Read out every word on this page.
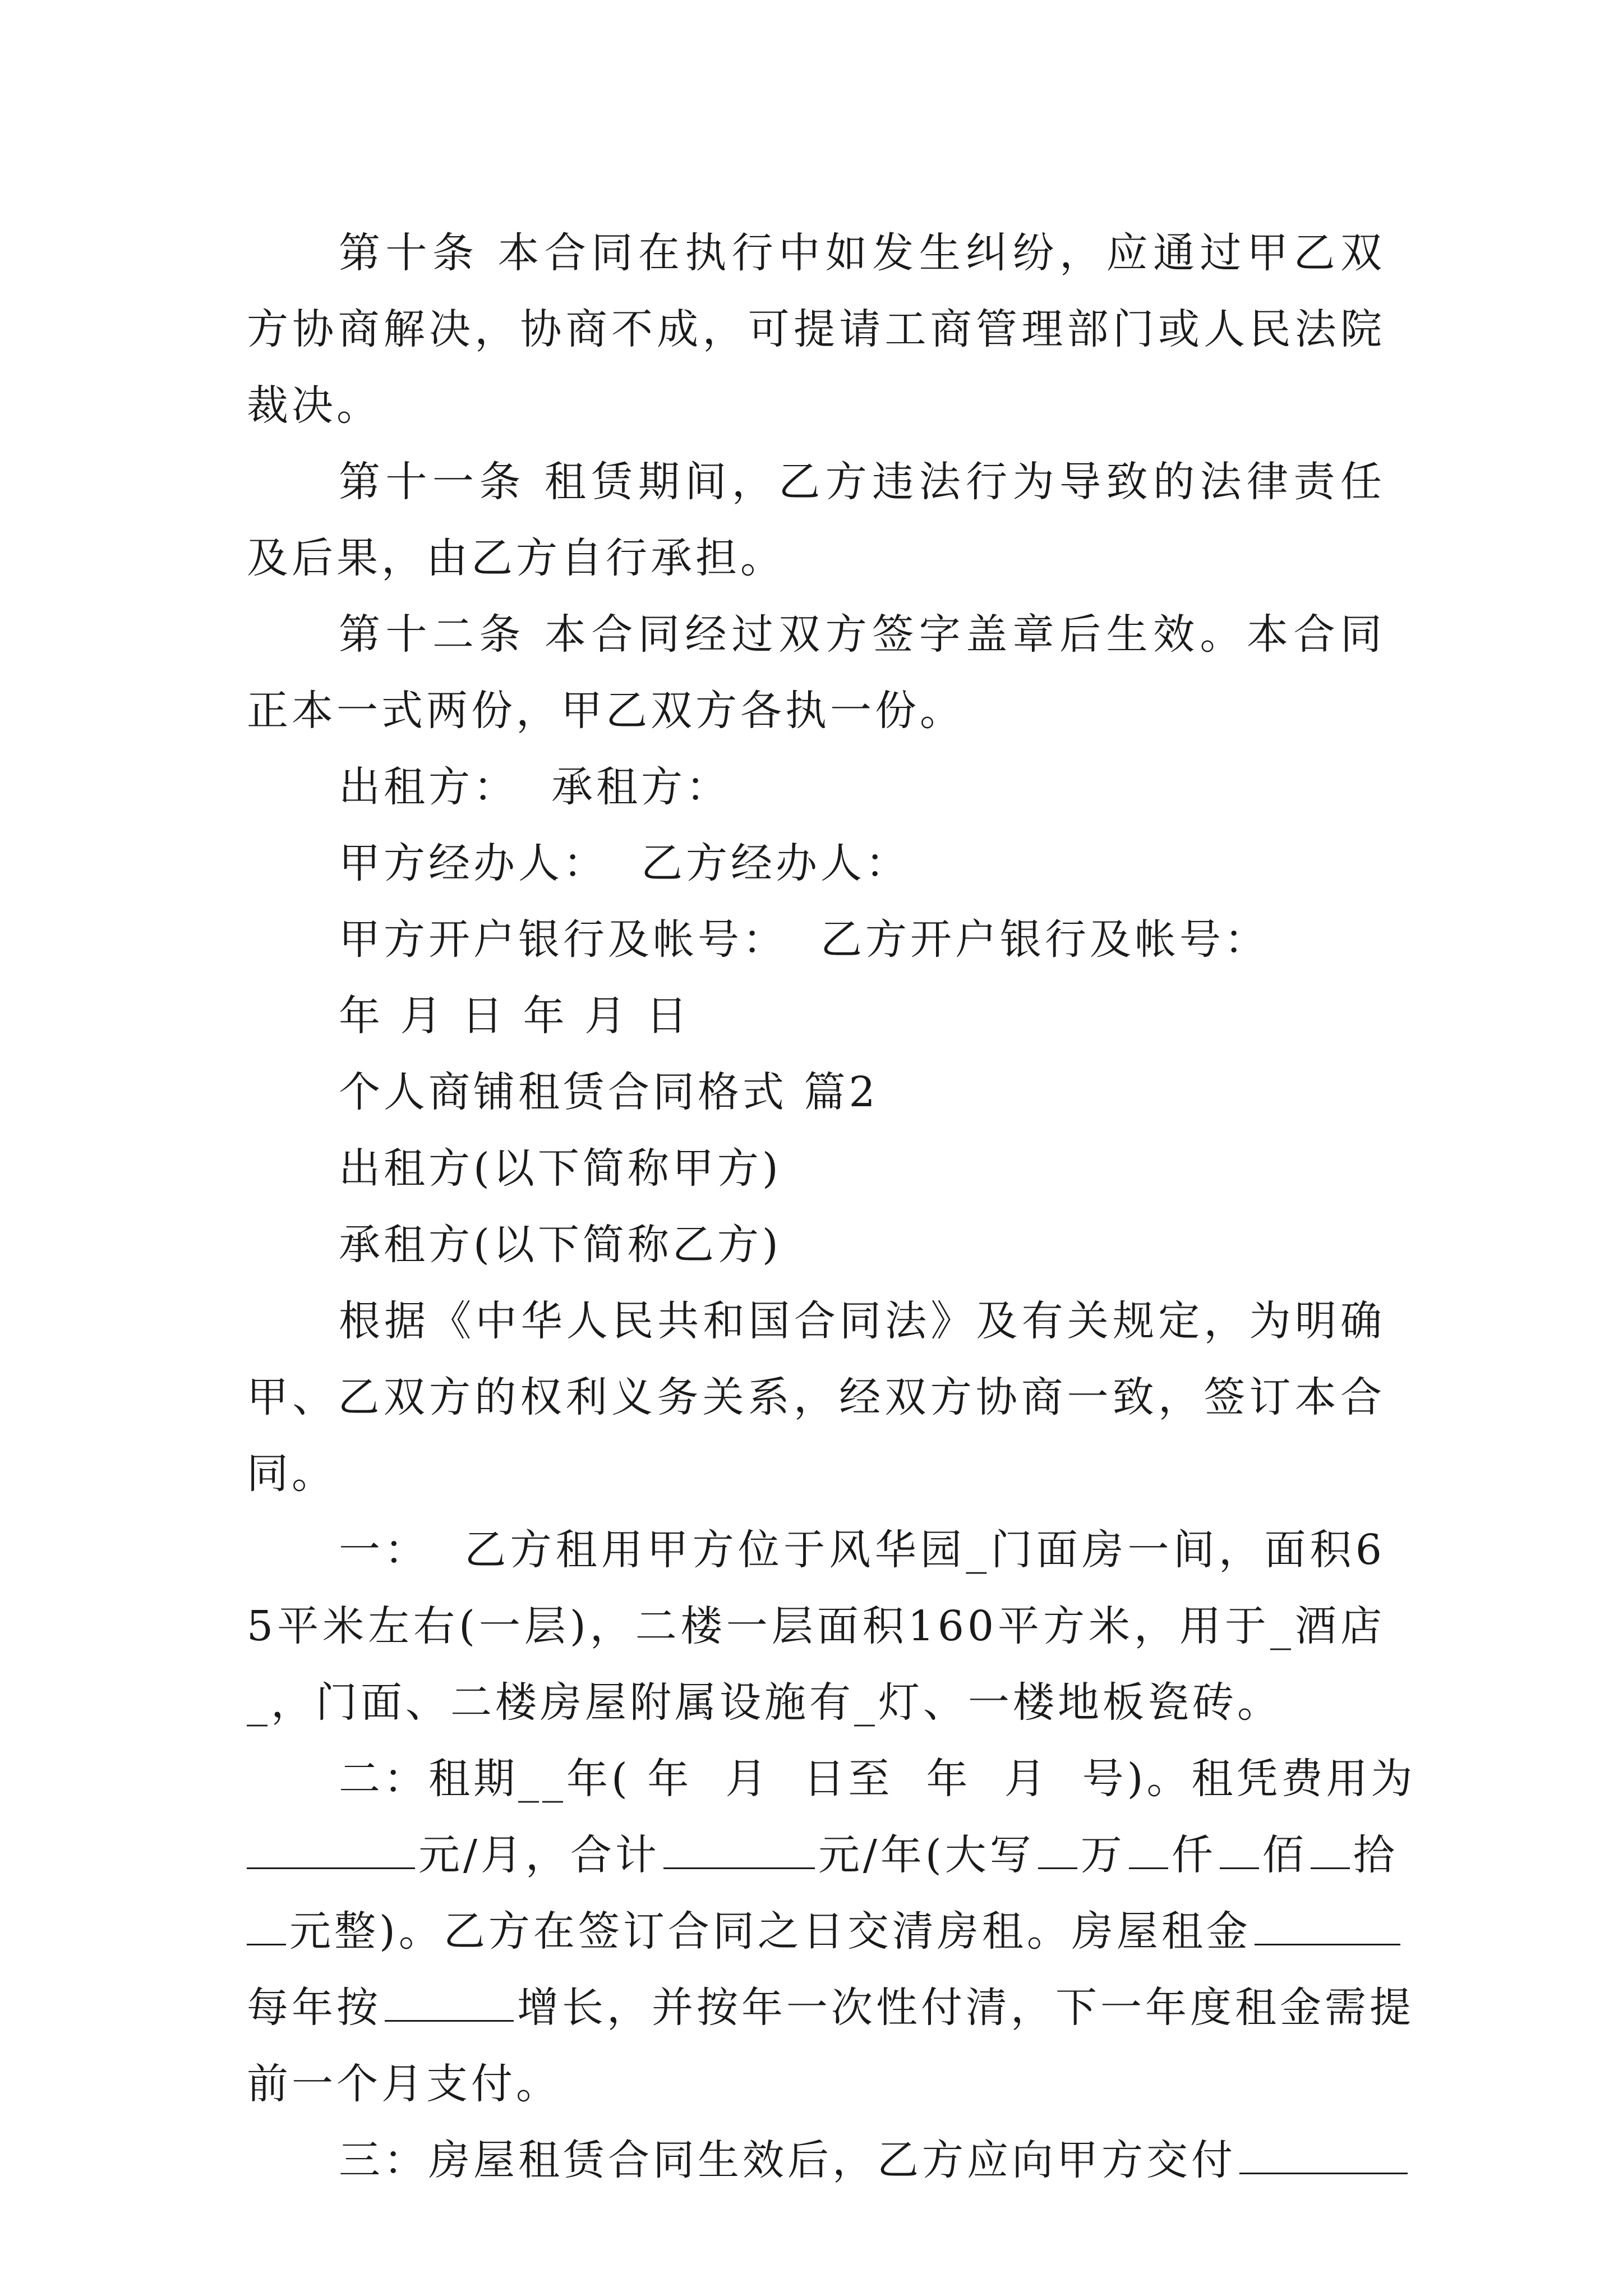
第十条 本合同在执行中如发生纠纷，应通过甲乙双方协商解决，协商不成，可提请工商管理部门或人民法院裁决。

第十一条 租赁期间，乙方违法行为导致的法律责任及后果，由乙方自行承担。

第十二条 本合同经过双方签字盖章后生效。本合同正本一式两份，甲乙双方各执一份。

出租方：  承租方：

甲方经办人：  乙方经办人：

甲方开户银行及帐号：  乙方开户银行及帐号：

年 月 日 年 月 日

个人商铺租赁合同格式 篇2

出租方(以下简称甲方)

承租方(以下简称乙方)

根据《中华人民共和国合同法》及有关规定，为明确甲、乙双方的权利义务关系，经双方协商一致，签订本合同。

一：  乙方租用甲方位于风华园_门面房一间，面积65平米左右(一层)，二楼一层面积160平方米，用于_酒店_，门面、二楼房屋附属设施有_灯、一楼地板瓷砖。

二：租期__年( 年  月  日至  年  月  号)。租凭费用为
元/月，合计	元/年(大写 万 仟 佰 拾
元整)。乙方在签订合同之日交清房租。房屋租金
每年按	增长，并按年一次性付清，下一年度租金需提
前一个月支付。
三：房屋租赁合同生效后，乙方应向甲方交付
